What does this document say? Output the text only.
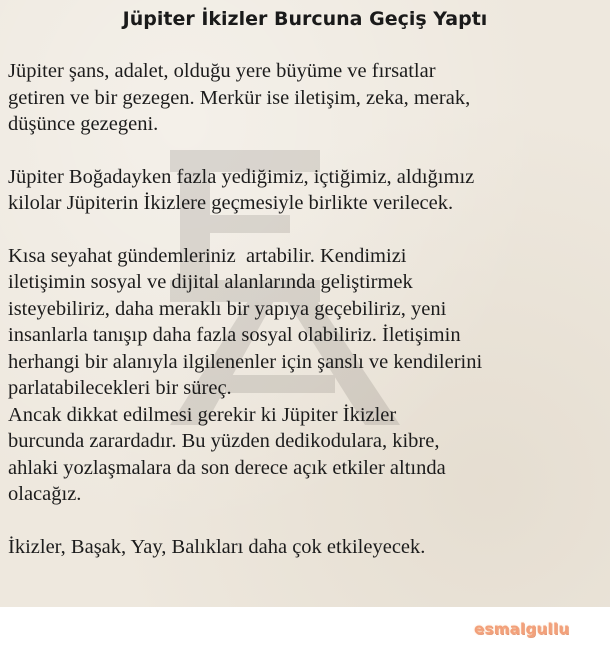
Jüpiter İkizler Burcuna Geçiş Yaptı

Jüpiter şans, adalet, olduğu yere büyüme ve fırsatlar
getiren ve bir gezegen. Merkür ise iletişim, zeka, merak,
düşünce gezegeni.

Jüpiter Boğadayken fazla yediğimiz, içtiğimiz, aldığımız
kilolar Jüpiterin İkizlere geçmesiyle birlikte verilecek.

Kısa seyahat gündemleriniz  artabilir. Kendimizi
iletişimin sosyal ve dijital alanlarında geliştirmek
isteyebiliriz, daha meraklı bir yapıya geçebiliriz, yeni
insanlarla tanışıp daha fazla sosyal olabiliriz. İletişimin
herhangi bir alanıyla ilgilenenler için şanslı ve kendilerini
parlatabilecekleri bir süreç.

Ancak dikkat edilmesi gerekir ki Jüpiter İkizler
burcunda zarardadır. Bu yüzden dedikodulara, kibre,
ahlaki yozlaşmalara da son derece açık etkiler altında
olacağız.

İkizler, Başak, Yay, Balıkları daha çok etkileyecek.

esmalgullu
